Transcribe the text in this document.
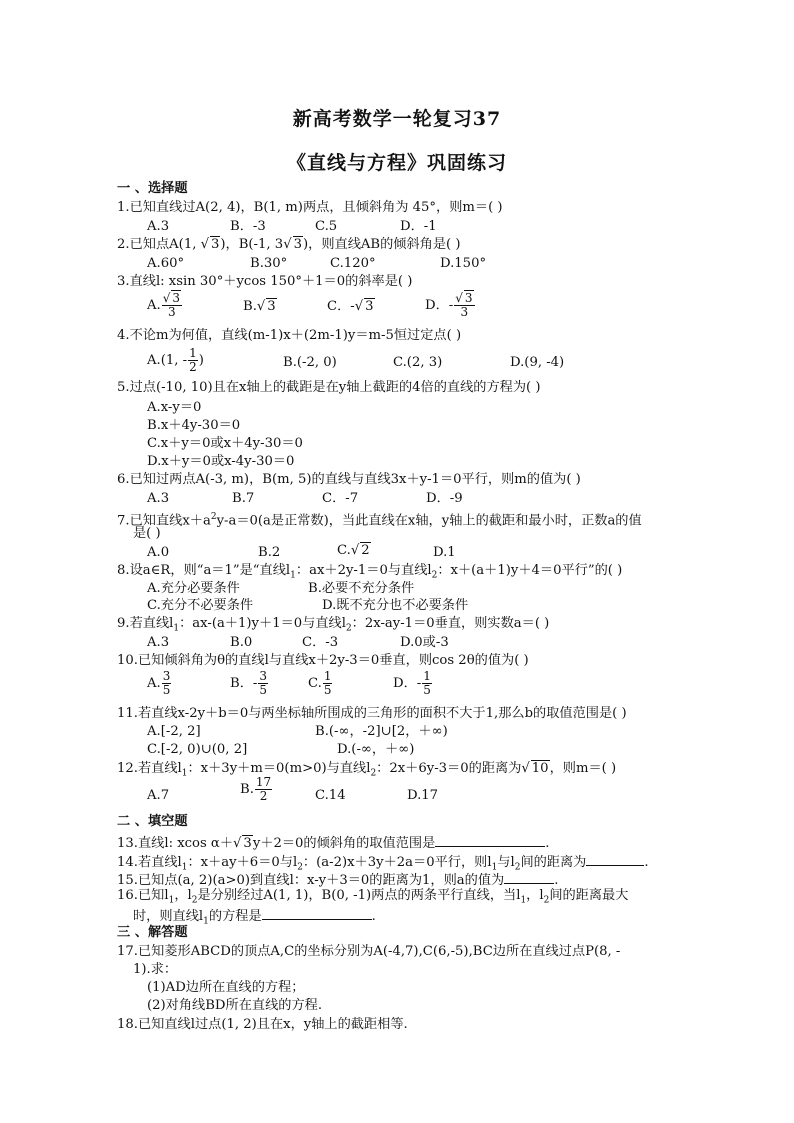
新高考数学一轮复习37
《直线与方程》巩固练习
一 、选择题
1.已知直线过A(2, 4)，B(1, m)两点，且倾斜角为 45°，则m＝( )
A.3	B．-3	C.5	D．-1
2.已知点A(1, √ 3)，B(-1, 3√ 3)，则直线AB的倾斜角是( )
A.60°	B.30°	C.120°	D.150°
3.直线l: xsin 30°＋ycos 150°＋1＝0的斜率是( )
A. $\frac{√ 3}{3}$	B.√ 3	C．-√ 3	D．- $\frac{√ 3}{3}$
4.不论m为何值，直线(m-1)x＋(2m-1)y＝m-5恒过定点( )
A.(1, - $\frac{1}{2}$ )	B.(-2, 0)	C.(2, 3)	D.(9, -4)
5.过点(-10, 10)且在x轴上的截距是在y轴上截距的4倍的直线的方程为( )
A.x-y＝0
B.x＋4y-30＝0
C.x＋y＝0或x＋4y-30＝0
D.x＋y＝0或x-4y-30＝0
6.已知过两点A(-3, m)，B(m, 5)的直线与直线3x＋y-1＝0平行，则m的值为( )
A.3	B.7	C．-7	D．-9
7.已知直线$x+a^2y-a=0(a$是正常数)，当此直线在x轴，y轴上的截距和最小时，正数a的值
是( )
A.0	B.2	C.√ 2	D.1
8.设a∈R，则“a＝1”是“直线$l_1$：ax＋2y-1＝0与直线$l_2$：x＋(a＋1)y＋4＝0平行”的( )
A.充分必要条件	B.必要不充分条件
C.充分不必要条件	D.既不充分也不必要条件
9.若直线$l_1$：ax-(a＋1)y＋1＝0与直线$l_2$：2x-ay-1＝0垂直，则实数a＝( )
A.3	B.0	C．-3	D.0或-3
10.已知倾斜角为θ的直线l与直线x＋2y-3＝0垂直，则cos 2θ的值为( )
A. $\frac{3}{5}$	B．- $\frac{3}{5}$	C. $\frac{1}{5}$	D．- $\frac{1}{5}$
11.若直线x-2y＋b＝0与两坐标轴所围成的三角形的面积不大于1,那么b的取值范围是( )
A.[-2, 2]	B.(-∞，-2]∪[2，＋∞)
C.[-2, 0)∪(0, 2]	D.(-∞，＋∞)
12.若直线$l_1$：x＋3y＋m＝0(m>0)与直线$l_2$：2x＋6y-3＝0的距离为√ 10，则m＝( )
A.7	B. $\frac{17}{2}$	C.14	D.17
二 、填空题
13.直线l: xcos α＋√ 3y＋2＝0的倾斜角的取值范围是	.
14.若直线$l_1$：x＋ay＋6＝0与$l_2$：(a-2)x＋3y＋2a＝0平行，则$l_1$与$l_2$间的距离为	.
15.已知点(a, 2)(a>0)到直线l：x-y＋3＝0的距离为1，则a的值为	.
16.已知$l_1$，$l_2$是分别经过A(1, 1)，B(0, -1)两点的两条平行直线，当$l_1$，$l_2$间的距离最大
时，则直线$l_1$的方程是	.
三 、解答题
17.已知菱形ABCD的顶点A,C的坐标分别为A(-4,7),C(6,-5),BC边所在直线过点P(8, -
1).求：
(1)AD边所在直线的方程；
(2)对角线BD所在直线的方程.
18.已知直线l过点(1, 2)且在x，y轴上的截距相等.
